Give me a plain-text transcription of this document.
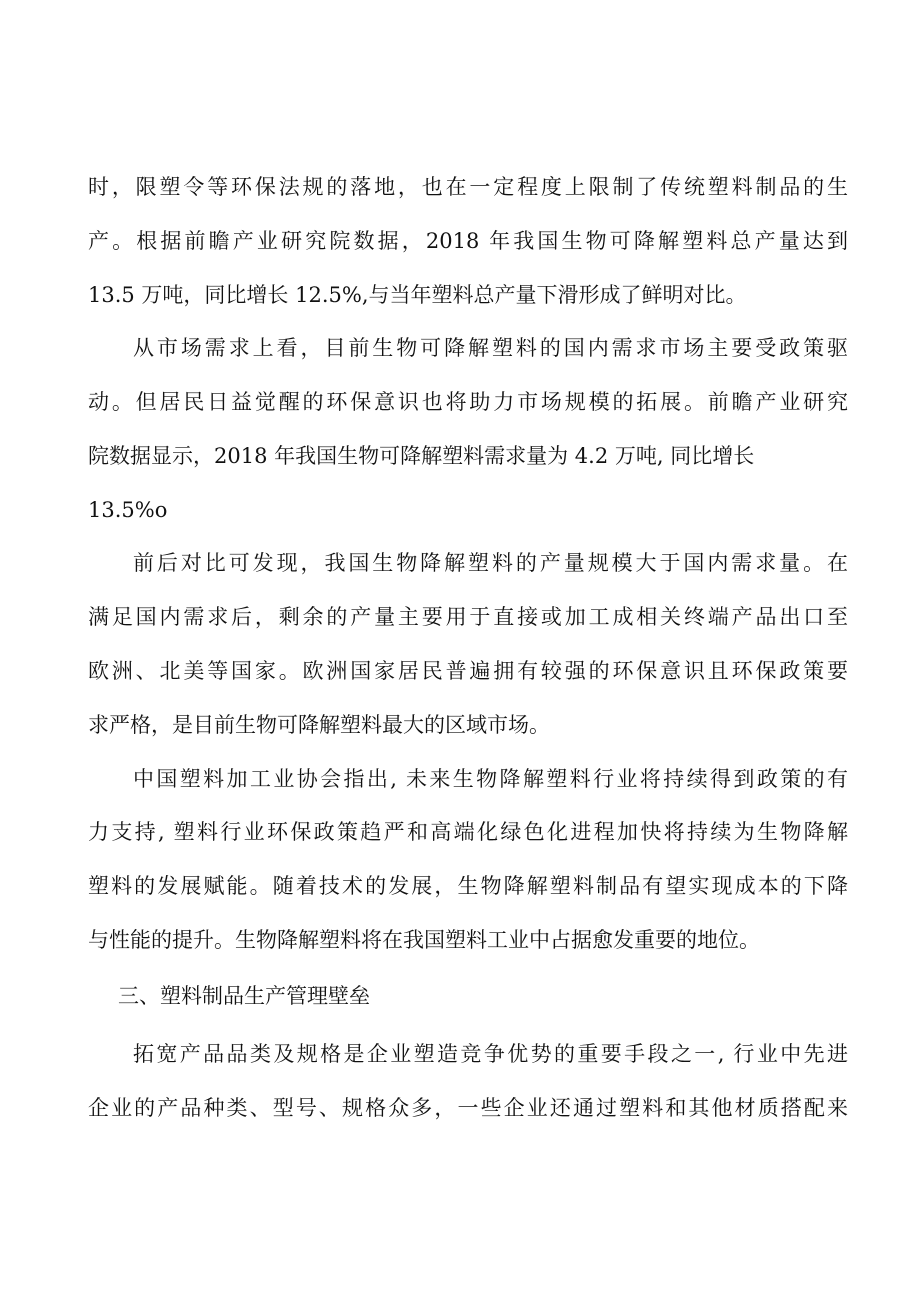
时，限塑令等环保法规的落地，也在一定程度上限制了传统塑料制品的生

产。根据前瞻产业研究院数据，2018 年我国生物可降解塑料总产量达到

13.5 万吨，同比增长 12.5%,与当年塑料总产量下滑形成了鲜明对比。

从市场需求上看，目前生物可降解塑料的国内需求市场主要受政策驱

动。但居民日益觉醒的环保意识也将助力市场规模的拓展。前瞻产业研究

院数据显示，2018 年我国生物可降解塑料需求量为 4.2 万吨, 同比增长

13.5%o

前后对比可发现，我国生物降解塑料的产量规模大于国内需求量。在

满足国内需求后，剩余的产量主要用于直接或加工成相关终端产品出口至

欧洲、北美等国家。欧洲国家居民普遍拥有较强的环保意识且环保政策要

求严格，是目前生物可降解塑料最大的区域市场。

中国塑料加工业协会指出, 未来生物降解塑料行业将持续得到政策的有

力支持, 塑料行业环保政策趋严和高端化绿色化进程加快将持续为生物降解

塑料的发展赋能。随着技术的发展，生物降解塑料制品有望实现成本的下降

与性能的提升。生物降解塑料将在我国塑料工业中占据愈发重要的地位。

三、塑料制品生产管理壁垒

拓宽产品品类及规格是企业塑造竞争优势的重要手段之一, 行业中先进

企业的产品种类、型号、规格众多，一些企业还通过塑料和其他材质搭配来
